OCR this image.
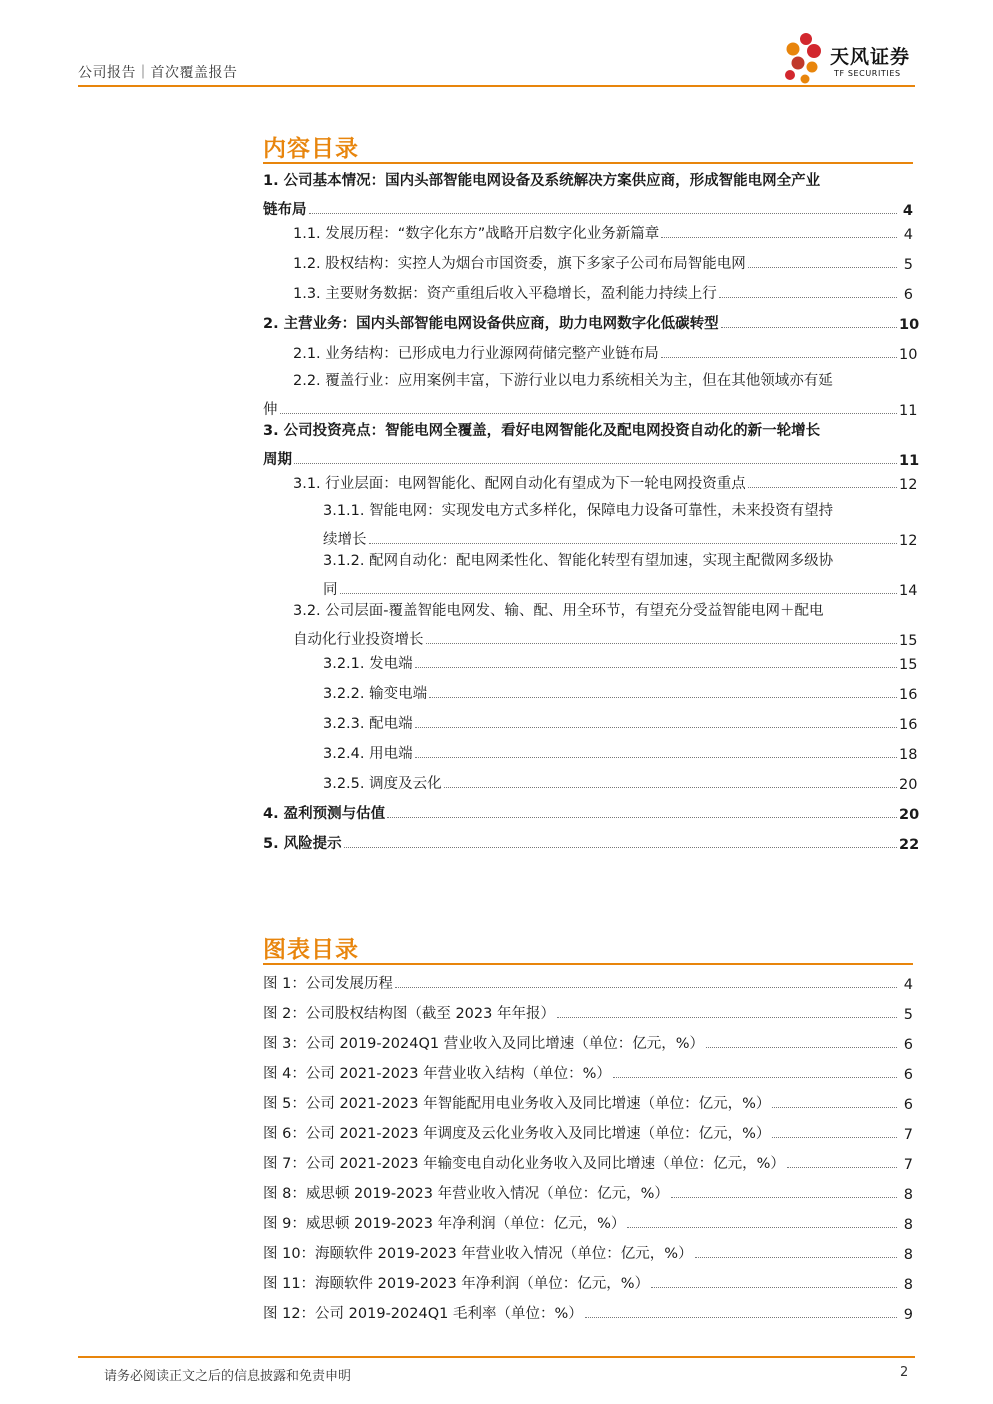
公司报告｜首次覆盖报告
天风证券
TF SECURITIES
内容目录
1. 公司基本情况：国内头部智能电网设备及系统解决方案供应商，形成智能电网全产业
链布局	4
1.1. 发展历程：“数字化东方”战略开启数字化业务新篇章	4
1.2. 股权结构：实控人为烟台市国资委，旗下多家子公司布局智能电网	5
1.3. 主要财务数据：资产重组后收入平稳增长，盈利能力持续上行	6
2. 主营业务：国内头部智能电网设备供应商，助力电网数字化低碳转型	10
2.1. 业务结构：已形成电力行业源网荷储完整产业链布局	10
2.2. 覆盖行业：应用案例丰富，下游行业以电力系统相关为主，但在其他领域亦有延
伸	11
3. 公司投资亮点：智能电网全覆盖，看好电网智能化及配电网投资自动化的新一轮增长
周期	11
3.1. 行业层面：电网智能化、配网自动化有望成为下一轮电网投资重点	12
3.1.1. 智能电网：实现发电方式多样化，保障电力设备可靠性，未来投资有望持
续增长	12
3.1.2. 配网自动化：配电网柔性化、智能化转型有望加速，实现主配微网多级协
同	14
3.2. 公司层面-覆盖智能电网发、输、配、用全环节，有望充分受益智能电网＋配电
自动化行业投资增长	15
3.2.1. 发电端	15
3.2.2. 输变电端	16
3.2.3. 配电端	16
3.2.4. 用电端	18
3.2.5. 调度及云化	20
4. 盈利预测与估值	20
5. 风险提示	22
图表目录
图 1：公司发展历程	4
图 2：公司股权结构图（截至 2023 年年报）	5
图 3：公司 2019-2024Q1 营业收入及同比增速（单位：亿元，%）	6
图 4：公司 2021-2023 年营业收入结构（单位：%）	6
图 5：公司 2021-2023 年智能配用电业务收入及同比增速（单位：亿元，%）	6
图 6：公司 2021-2023 年调度及云化业务收入及同比增速（单位：亿元，%）	7
图 7：公司 2021-2023 年输变电自动化业务收入及同比增速（单位：亿元，%）	7
图 8：威思顿 2019-2023 年营业收入情况（单位：亿元，%）	8
图 9：威思顿 2019-2023 年净利润（单位：亿元，%）	8
图 10：海颐软件 2019-2023 年营业收入情况（单位：亿元，%）	8
图 11：海颐软件 2019-2023 年净利润（单位：亿元，%）	8
图 12：公司 2019-2024Q1 毛利率（单位：%）	9
请务必阅读正文之后的信息披露和免责申明	2
